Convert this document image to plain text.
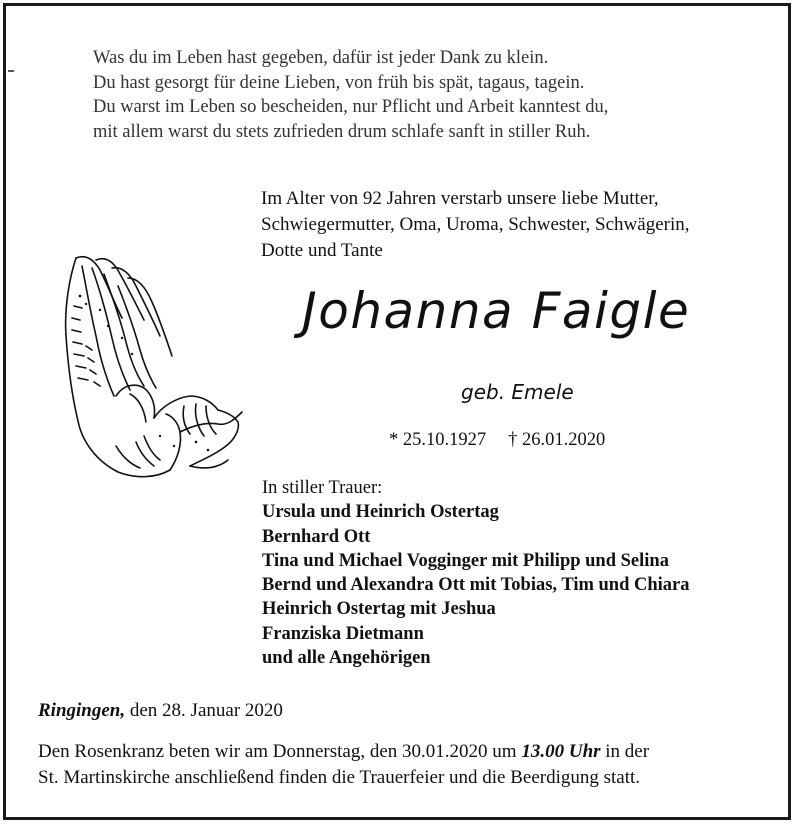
Was du im Leben hast gegeben, dafür ist jeder Dank zu klein.
Du hast gesorgt für deine Lieben, von früh bis spät, tagaus, tagein.
Du warst im Leben so bescheiden, nur Pflicht und Arbeit kanntest du,
mit allem warst du stets zufrieden drum schlafe sanft in stiller Ruh.
Im Alter von 92 Jahren verstarb unsere liebe Mutter,
Schwiegermutter, Oma, Uroma, Schwester, Schwägerin,
Dotte und Tante
Johanna Faigle
geb. Emele
* 25.10.1927 † 26.01.2020
In stiller Trauer:
Ursula und Heinrich Ostertag
Bernhard Ott
Tina und Michael Vogginger mit Philipp und Selina
Bernd und Alexandra Ott mit Tobias, Tim und Chiara
Heinrich Ostertag mit Jeshua
Franziska Dietmann
und alle Angehörigen
Ringingen, den 28. Januar 2020
Den Rosenkranz beten wir am Donnerstag, den 30.01.2020 um 13.00 Uhr in der
St. Martinskirche anschließend finden die Trauerfeier und die Beerdigung statt.
